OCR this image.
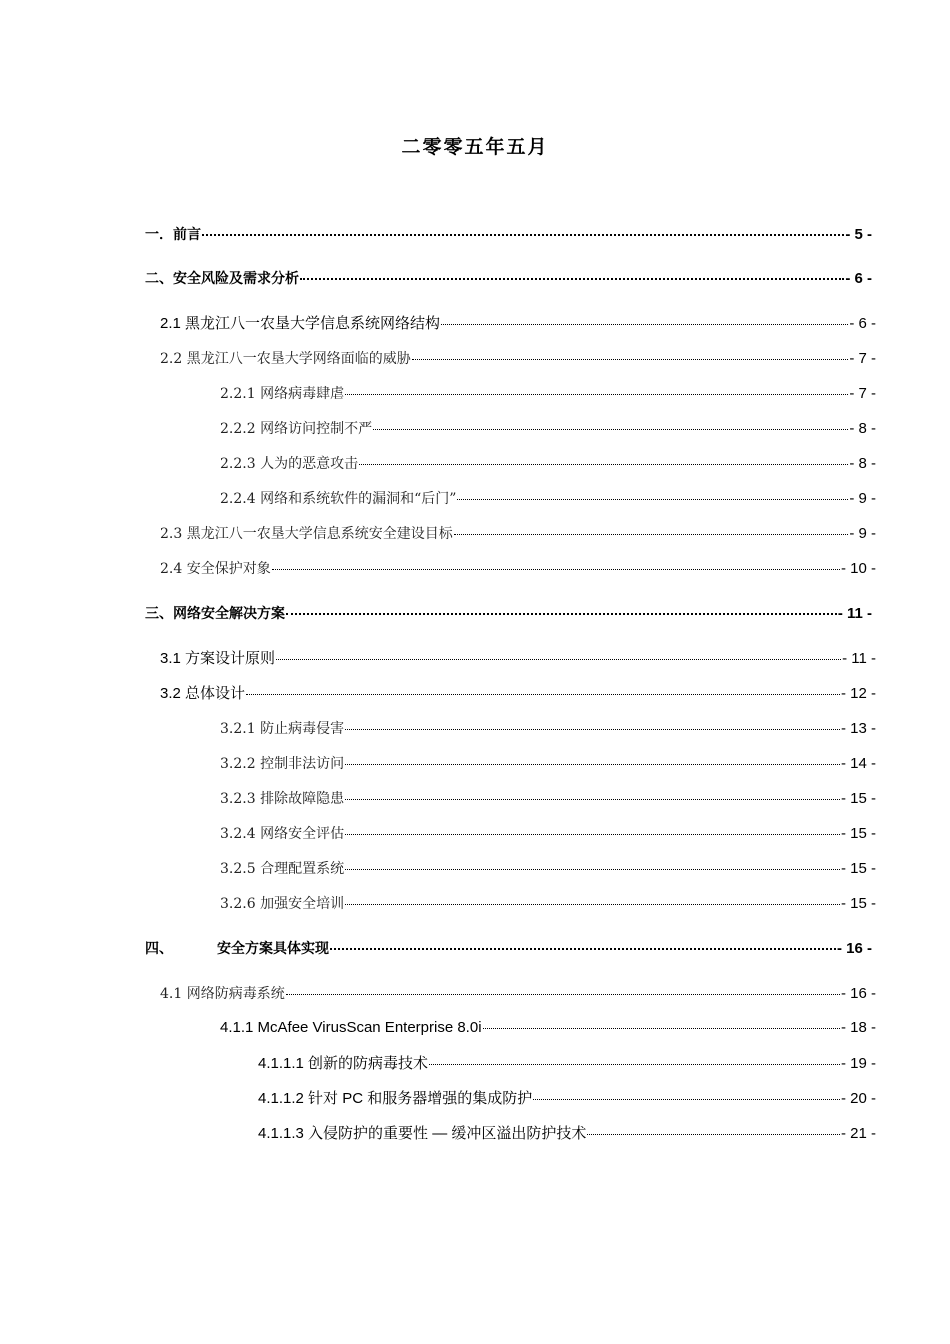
二零零五年五月
一．前言	- 5 -
二、安全风险及需求分析	- 6 -
2.1 黑龙江八一农垦大学信息系统网络结构	- 6 -
2.2 黑龙江八一农垦大学网络面临的威胁	- 7 -
2.2.1 网络病毒肆虐	- 7 -
2.2.2 网络访问控制不严	- 8 -
2.2.3 人为的恶意攻击	- 8 -
2.2.4 网络和系统软件的漏洞和“后门”	- 9 -
2.3 黑龙江八一农垦大学信息系统安全建设目标	- 9 -
2.4 安全保护对象	- 10 -
三、网络安全解决方案	- 11 -
3.1 方案设计原则	- 11 -
3.2 总体设计	- 12 -
3.2.1 防止病毒侵害	- 13 -
3.2.2 控制非法访问	- 14 -
3.2.3 排除故障隐患	- 15 -
3.2.4 网络安全评估	- 15 -
3.2.5 合理配置系统	- 15 -
3.2.6 加强安全培训	- 15 -
四、	安全方案具体实现	- 16 -
4.1 网络防病毒系统	- 16 -
4.1.1 McAfee VirusScan Enterprise 8.0i	- 18 -
4.1.1.1 创新的防病毒技术	- 19 -
4.1.1.2 针对 PC 和服务器增强的集成防护	- 20 -
4.1.1.3 入侵防护的重要性 — 缓冲区溢出防护技术	- 21 -
